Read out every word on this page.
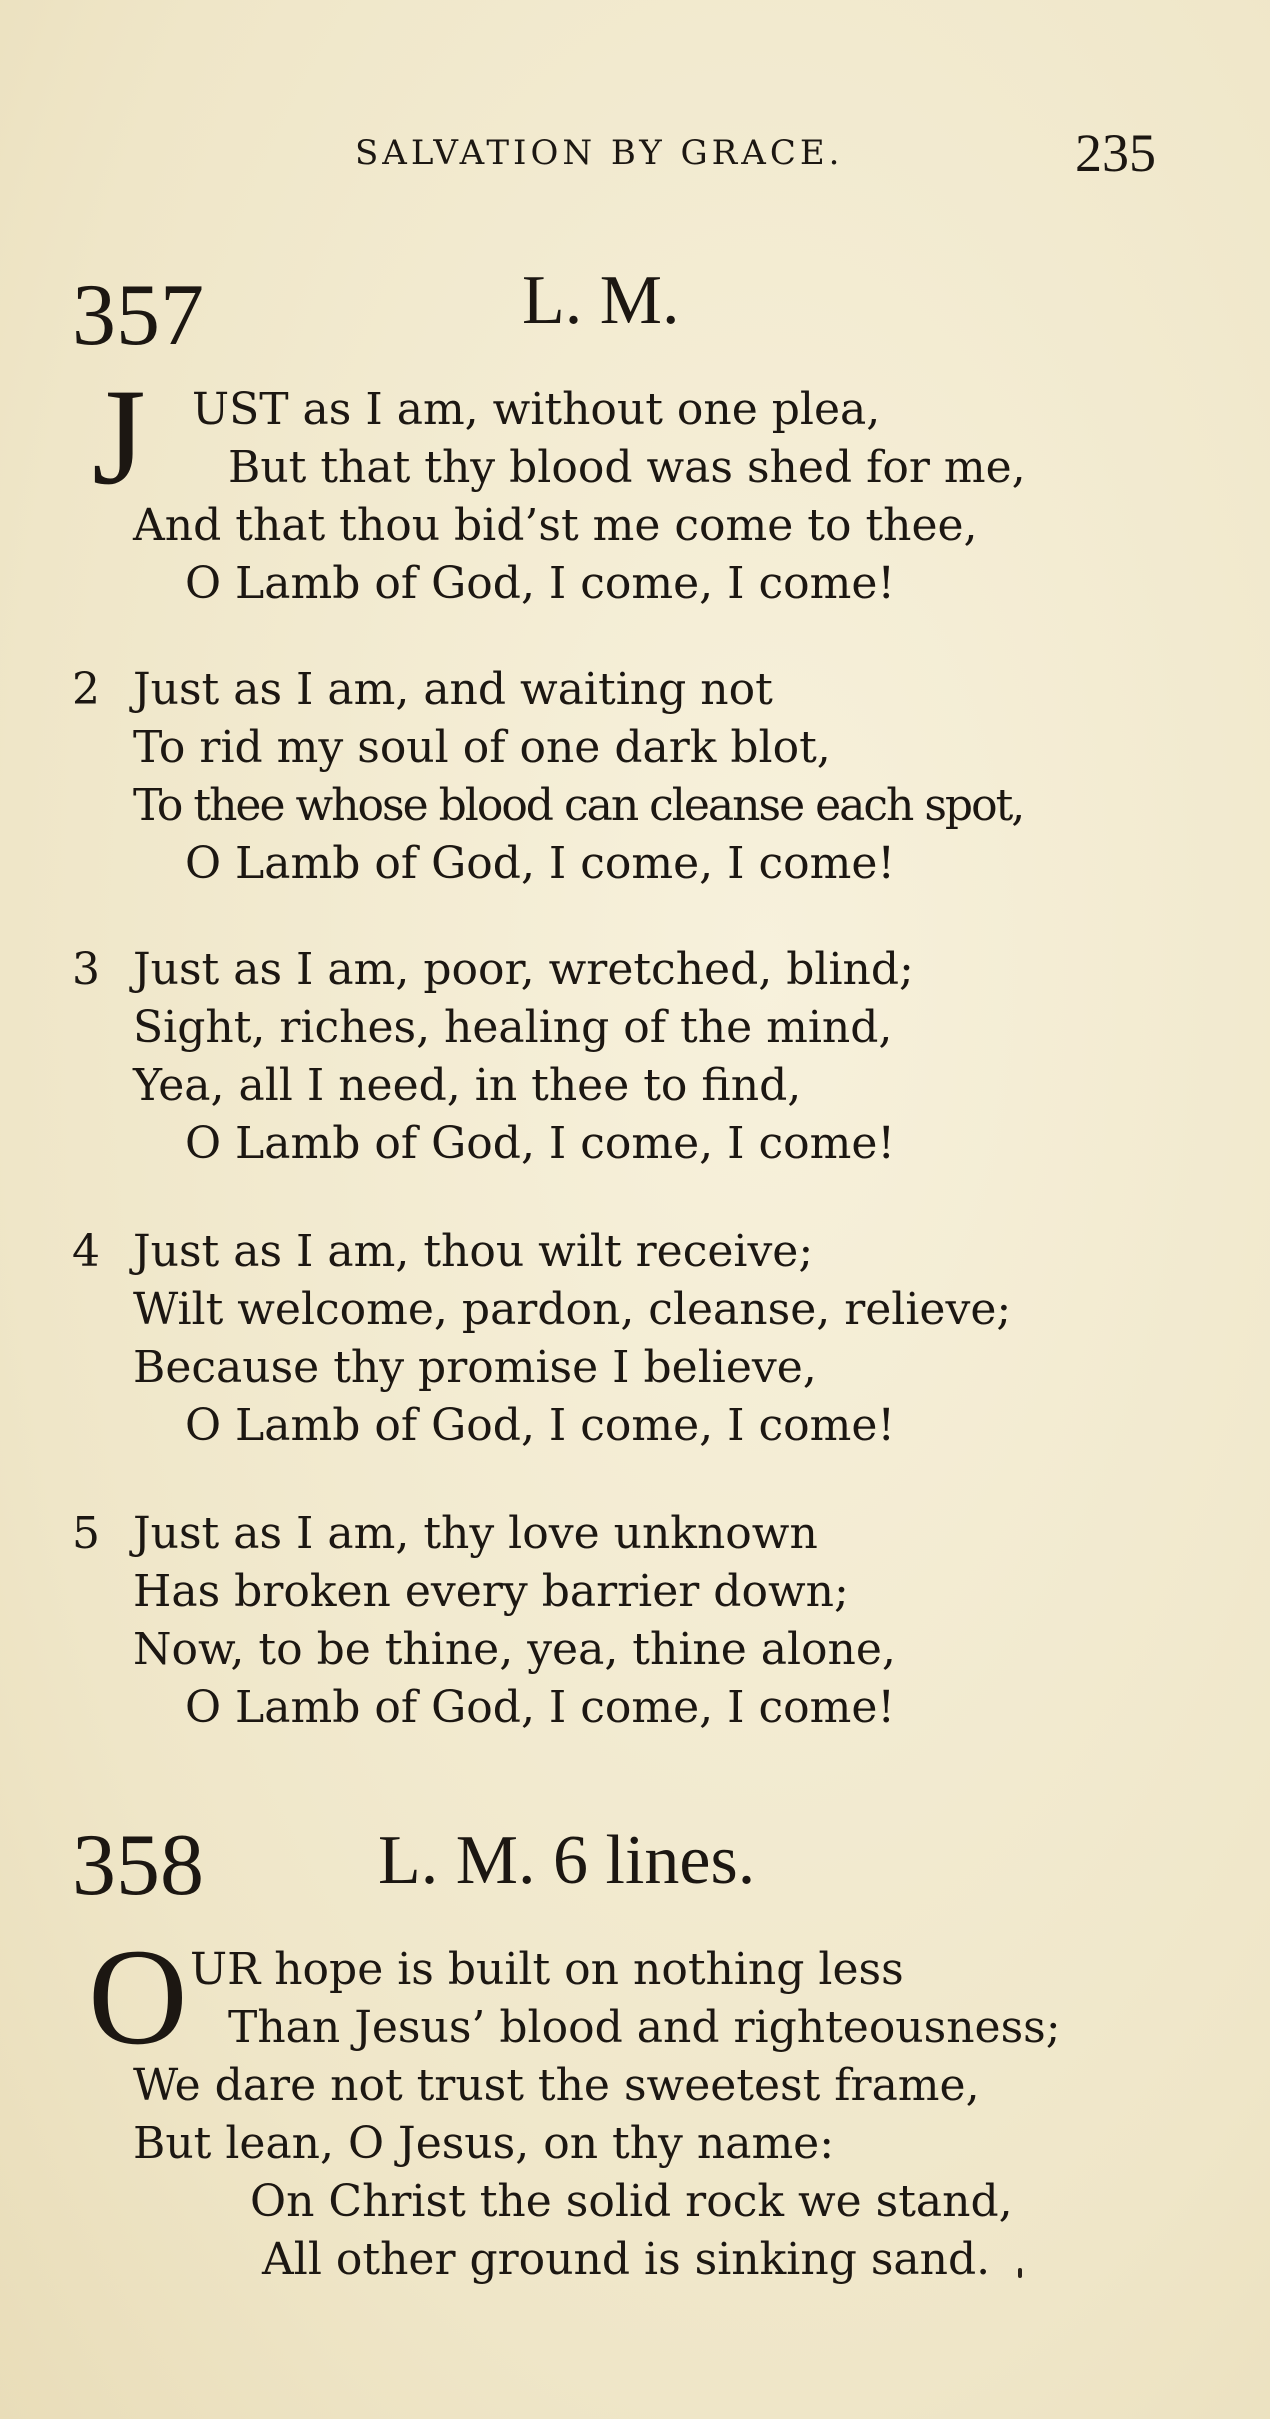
SALVATION BY GRACE.	235
357	L. M.
J UST as I am, without one plea,
But that thy blood was shed for me,
And that thou bid’st me come to thee,
O Lamb of God, I come, I come!
2 Just as I am, and waiting not
To rid my soul of one dark blot,
To thee whose blood can cleanse each spot,
O Lamb of God, I come, I come!
3 Just as I am, poor, wretched, blind;
Sight, riches, healing of the mind,
Yea, all I need, in thee to find,
O Lamb of God, I come, I come!
4 Just as I am, thou wilt receive;
Wilt welcome, pardon, cleanse, relieve;
Because thy promise I believe,
O Lamb of God, I come, I come!
5 Just as I am, thy love unknown
Has broken every barrier down;
Now, to be thine, yea, thine alone,
O Lamb of God, I come, I come!
358 L. M. 6 lines.
O UR hope is built on nothing less
Than Jesus’ blood and righteousness;
We dare not trust the sweetest frame,
But lean, O Jesus, on thy name:
On Christ the solid rock we stand,
All other ground is sinking sand.
